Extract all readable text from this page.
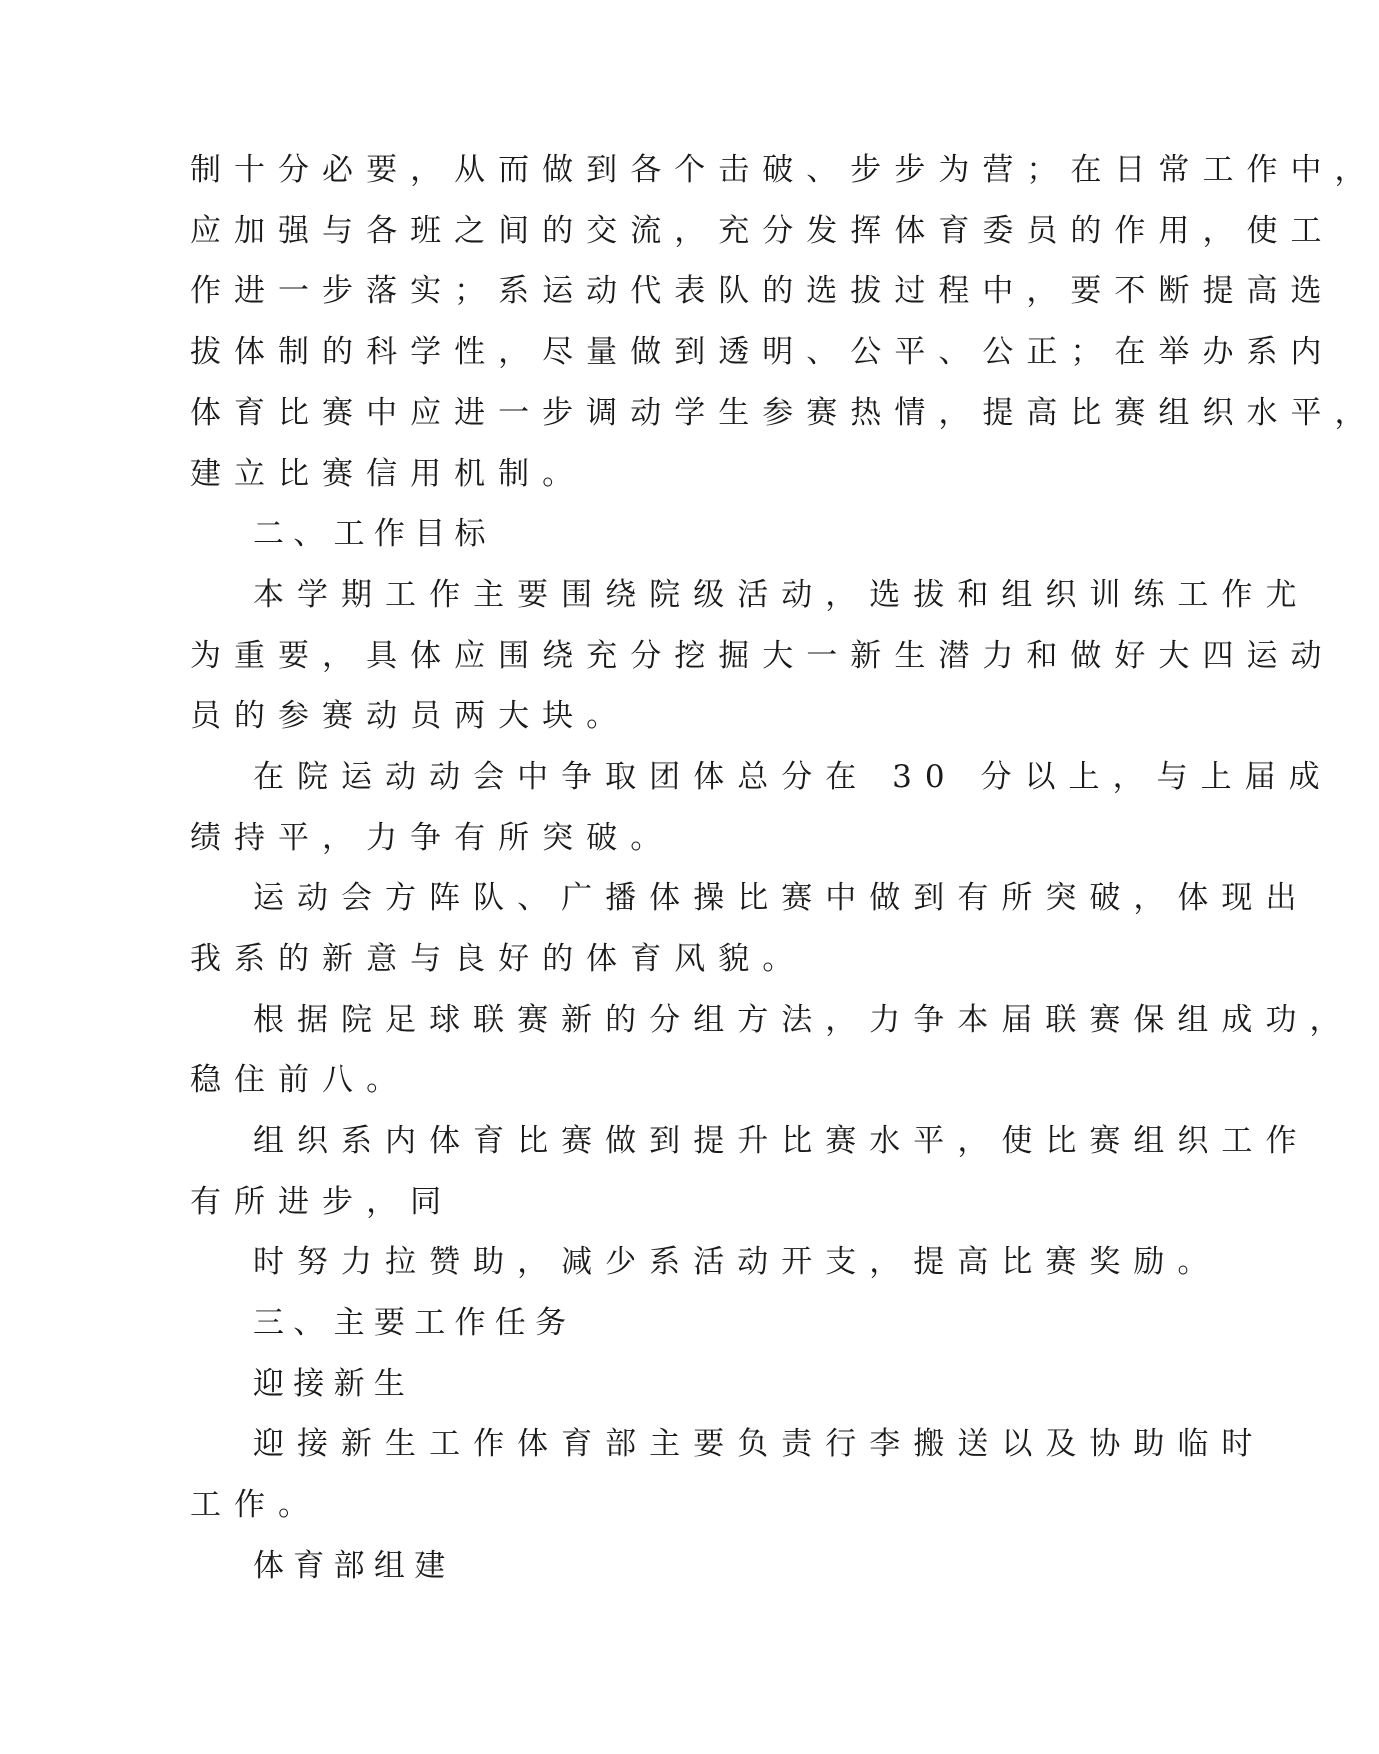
制十分必要，从而做到各个击破、步步为营；在日常工作中，
应加强与各班之间的交流，充分发挥体育委员的作用，使工
作进一步落实；系运动代表队的选拔过程中，要不断提高选
拔体制的科学性，尽量做到透明、公平、公正；在举办系内
体育比赛中应进一步调动学生参赛热情，提高比赛组织水平，
建立比赛信用机制。
二、工作目标
本学期工作主要围绕院级活动，选拔和组织训练工作尤
为重要，具体应围绕充分挖掘大一新生潜力和做好大四运动
员的参赛动员两大块。
在院运动动会中争取团体总分在 30 分以上，与上届成
绩持平，力争有所突破。
运动会方阵队、广播体操比赛中做到有所突破，体现出
我系的新意与良好的体育风貌。
根据院足球联赛新的分组方法，力争本届联赛保组成功，
稳住前八。
组织系内体育比赛做到提升比赛水平，使比赛组织工作
有所进步，同
时努力拉赞助，减少系活动开支，提高比赛奖励。
三、主要工作任务
迎接新生
迎接新生工作体育部主要负责行李搬送以及协助临时
工作。
体育部组建
